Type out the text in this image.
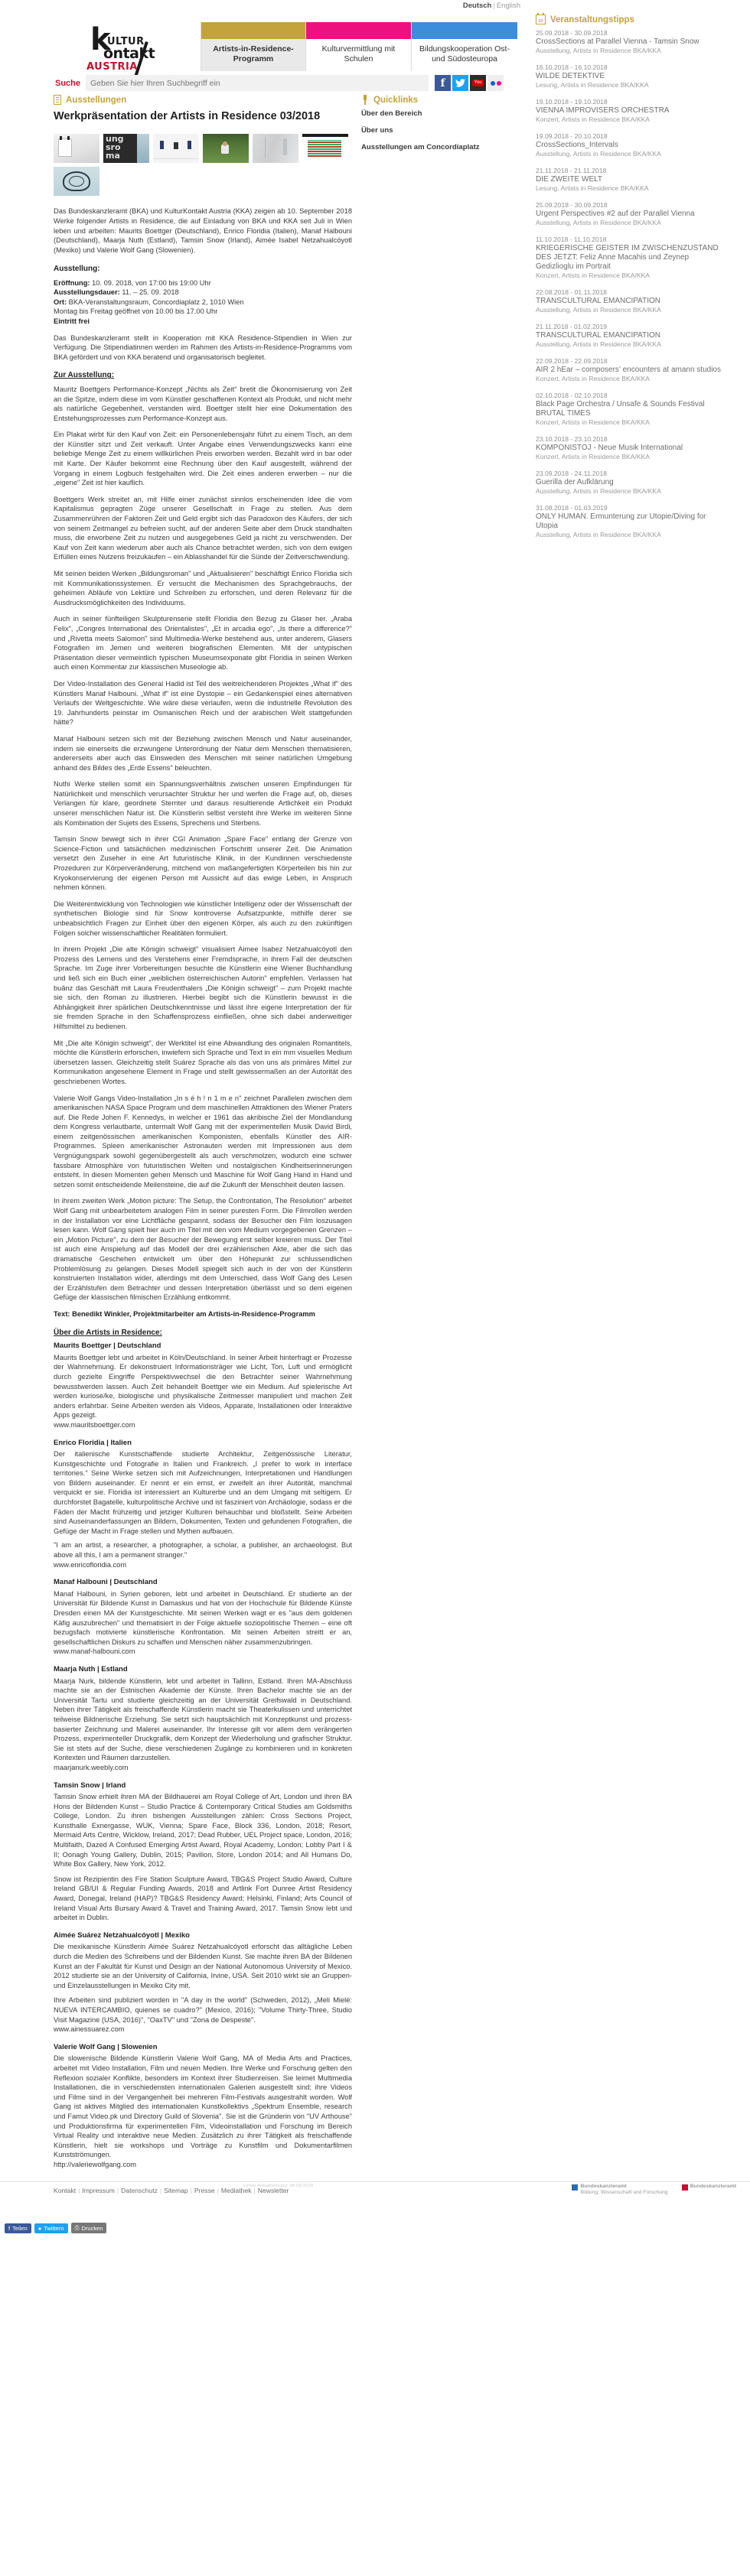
Deutsch | English
k
ULTUR
ontakt
AUSTRIA
Artists-in-Residence-Programm
Kulturvermittlung mit Schulen
Bildungskooperation Ost- und Südosteuropa
Suche
Geben Sie hier Ihren Suchbegriff ein	f	You
Ausstellungen
Werkpräsentation der Artists in Residence 03/2018
ung
sro
ma

Das Bundeskanzleramt (BKA) und KulturKontakt Austria (KKA) zeigen ab 10. September 2018 Werke folgender Artists in Residence, die auf Einladung von BKA und KKA seit Juli in Wien leben und arbeiten: Maurits Boettger (Deutschland), Enrico Floridia (Italien), Manaf Halbouni (Deutschland), Maarja Nuth (Estland), Tamsin Snow (Irland), Aimée Isabel Netzahualcóyotl (Mexiko) und Valerie Wolf Gang (Slowenien).

Ausstellung:
Eröffnung: 10. 09. 2018, von 17:00 bis 19:00 Uhr
Ausstellungsdauer: 11. – 25. 09. 2018
Ort: BKA-Veranstaltungsraum, Concordiaplatz 2, 1010 Wien
Montag bis Freitag geöffnet von 10.00 bis 17.00 Uhr
Eintritt frei

Das Bundeskanzleramt stellt in Kooperation mit KKA Residence-Stipendien in Wien zur Verfügung. Die Stipendiatinnen werden im Rahmen des Artists-in-Residence-Programms vom BKA gefördert und von KKA beratend und organisatorisch begleitet.

Zur Ausstellung:

Mauritz Boettgers Performance-Konzept „Nichts als Zeit" bretit die Ökonomisierung von Zeit an die Spitze, indem diese im vom Künstler geschaffenen Kontext als Produkt, und nicht mehr als natürliche Gegebenheit, verstanden wird. Boettger stellt hier eine Dokumentation des Entstehungsprozesses zum Performance-Konzept aus.

Ein Plakat wirbt für den Kauf von Zeit: ein Personenlebensjahr führt zu einem Tisch, an dem der Künstler sitzt und Zeit verkauft. Unter Angabe eines Verwendungszwecks kann eine beliebige Menge Zeit zu einem willkürlichen Preis erworben werden. Bezahlt wird in bar oder mit Karte. Der Käufer bekommt eine Rechnung über den Kauf ausgestellt, während der Vorgang in einem Logbuch festgehalten wird. Die Zeit eines anderen erwerben – nur die „eigene" Zeit ist hier kauflich.

Boettgers Werk streitet an, mit Hilfe einer zunächst sinnlos erscheinenden Idee die vom Kapitalismus gepragten Züge unserer Gesellschaft in Frage zu stellen. Aus dem Zusammenrühren der Faktoren Zeit und Geld ergibt sich das Paradoxon des Käufers, der sich von seinem Zeitmangel zu befreien sucht, auf der anderen Seite aber dem Druck standhalten muss, die erworbene Zeit zu nutzen und ausgegebenes Geld ja nicht zu verschwenden. Der Kauf von Zeit kann wiederum aber auch als Chance betrachtet werden, sich von dem ewigen Erfüllen eines Nutzens freizukaufen – ein Ablasshandel für die Sünde der Zeitverschwendung.

Mit seinen beiden Werken „Bildungsroman" und „Aktualisieren" beschäftigt Enrico Floridia sich mit Kommunikationssystemen. Er versucht die Mechanismen des Sprachgebrauchs, der geheimen Abläufe von Lektüre und Schreiben zu erforschen, und deren Relevanz für die Ausdrucksmöglichkeiten des Individuums.

Auch in seiner fünfteiligen Skulpturenserie stellt Floridia den Bezug zu Glaser her. „Araba Felix", „Congres International des Orientalistes", „Et in arcadia ego", „Is there a difference?" und „Rivetta meets Salomon" sind Multimedia-Werke bestehend aus, unter anderem, Glasers Fotografien im Jemen und weiteren biografischen Elementen. Mit der untypischen Präsentation dieser vermeintlich typischen Museumsexponate gibt Floridia in seinen Werken auch einen Kommentar zur klassischen Museologie ab.

Der Video-Installation des General Hadid ist Teil des weitreichenderen Projektes „What if" des Künstlers Manaf Halbouni. „What if" ist eine Dystopie – ein Gedankenspiel eines alternativen Verlaufs der Weltgeschichte. Wie wäre diese verlaufen, wenn die industrielle Revolution des 19. Jahrhunderts peinstar im Osmanischen Reich und der arabischen Welt stattgefunden hätte?

Manaf Halbouni setzen sich mit der Beziehung zwischen Mensch und Natur auseinander, indem sie einerseits die erzwungene Unterordnung der Natur dem Menschen thematisieren, andererseits aber auch das Einsweden des Menschen mit seiner natürlichen Umgebung anhand des Bildes des „Erde Essens" beleuchten.

Nuthi Werke stellen somit ein Spannungsverhältnis zwischen unseren Empfindungen für Natürlichkeit und menschlich verursachter Struktur her und werfen die Frage auf, ob, dieses Verlangen für klare, geordnete Sternter und daraus resultierende Artlichkeit ein Produkt unserer menschlichen Natur ist. Die Künstlerin selbst versteht ihre Werke im weiteren Sinne als Kombination der Sujets des Essens, Sprechens und Sterbens.

Tamsin Snow bewegt sich in ihrer CGI Animation „Spare Face" entlang der Grenze von Science-Fiction und tatsächlichen medizinischen Fortschritt unserer Zeit. Die Animation versetzt den Zuseher in eine Art futuristische Klinik, in der Kundinnen verschiedenste Prozeduren zur Körperveränderung, mitchend von maßangefertigten Körperteilen bis hin zur Kryokonservierung der eigenen Person mit Aussicht auf das ewige Leben, in Anspruch nehmen können.

Die Weiterentwicklung von Technologien wie künstlicher Intelligenz oder der Wissenschaft der synthetischen Biologie sind für Snow kontroverse Aufsatzpunkte, mithilfe derer sie unbeabsichtlich Fragen zur Einheit über den eigenen Körper, als auch zu den zukünftigen Folgen solcher wissenschaftlicher Realitäten formuliert.

In ihrem Projekt „Die alte Königin schweigt" visualisiert Aimee Isabez Netzahualcóyotl den Prozess des Lernens und des Verstehens einer Fremdsprache, in ihrem Fall der deutschen Sprache. Im Zuge ihrer Vorbereitungen besuchte die Künstlerin eine Wiener Buchhandlung und ließ sich ein Buch einer „weiblichen österreichischen Autorin" empfehlen. Verlassen hat buânz das Geschäft mit Laura Freudenthalers „Die Königin schweigt" – zum Projekt machte sie sich, den Roman zu illustrieren. Hierbei begibt sich die Künstlerin bewusst in die Abhängigkeit ihrer spärlichen Deutschkenntnisse und lässt ihre eigene Interpretation der für sie fremden Sprache in den Schaffensprozess einfließen, ohne sich dabei anderweitiger Hilfsmittel zu bedienen.

Mit „Die alte Königin schweigt", der Werktitel ist eine Abwandlung des originalen Romantitels, möchte die Künstlerin erforschen, inwiefern sich Sprache und Text in ein mm visuelles Medium übersetzen lassen. Gleichzeitig stellt Suárez Sprache als das von uns als primäres Mittel zur Kommunikation angesehene Element in Frage und stellt gewissermaßen an der Autorität des geschriebenen Wortes.

Valerie Wolf Gangs Video-Installation „In s é h ! n 1 m e n" zeichnet Parallelen zwischen dem amerikanischen NASA Space Program und dem maschinellen Attraktionen des Wiener Praters auf. Die Rede Johen F. Kennedys, in welcher er 1961 das akribische Ziel der Mondlandung dem Kongress verlautbarte, untermalt Wolf Gang mit der experimentellen Musik David Birdi, einem zeitgenössischen amerikanischen Komponisten, ebenfalls Künstler des AIR-Programmes. Spleen amerikanischer Astronauten werden mit Impressionen aus dem Vergnügungspark sowohl gegenübergestellt als auch verschmolzen, wodurch eine schwer fassbare Atmosphäre von futuristischen Welten und nostalgischen Kindheitserinnerungen entsteht. In diesen Momenten gehen Mensch und Maschine für Wolf Gang Hand in Hand und setzen somit entscheidende Meilensteine, die auf die Zukunft der Menschheit deuten lassen.

In ihrem zweiten Werk „Motion picture: The Setup, the Confrontation, The Resolution" arbeitet Wolf Gang mit unbearbeitetem analogen Film in seiner puresten Form. Die Filmrollen werden in der Installation vor eine Lichtfläche gespannt, sodass der Besucher den Film loszusagen lesen kann. Wolf Gang spielt hier auch im Titel mit den vom Medium vorgegebenen Grenzen – ein „Motion Picture", zu dem der Besucher der Bewegung erst selber kreieren muss. Der Titel ist auch eine Anspielung auf das Modell der drei erzählerischen Akte, aber die sich das dramatische Geschehen entwickelt um über den Höhepunkt zur schlussendlichen Problemlösung zu gelangen. Dieses Modell spiegelt sich auch in der von der Künstlerin konstruierten Installation wider, allerdings mit dem Unterschied, dass Wolf Gang des Lesen der Erzählstufen dem Betrachter und dessen Interpretation überlässt und so dem eigenen Gefüge der klassischen filmischen Erzählung entkommt.

Text: Benedikt Winkler, Projektmitarbeiter am Artists-in-Residence-Programm

Über die Artists in Residence:
Maurits Boettger | Deutschland
Maurits Boettger lebt und arbeitet in Köln/Deutschland. In seiner Arbeit hinterfragt er Prozesse der Wahrnehmung. Er dekonstruiert Informationsträger wie Licht, Ton, Luft und ermöglicht durch gezielte Eingriffe Perspektivwechsel die den Betrachter seiner Wahrnehmung bewusstwerden lassen. Auch Zeit behandelt Boettger wie ein Medium. Auf spielerische Art werden kuriose/ke, biologische und physikalische Zeitmesser manipuliert und machen Zeit anders erfahrbar. Seine Arbeiten werden als Videos, Apparate, Installationen oder Interaktive Apps gezeigt.
www.mauritsboettger.com
Enrico Floridia | Italien
Der italienische Kunstschaffende studierte Architektur, Zeitgenössische Literatur, Kunstgeschichte und Fotografie in Italien und Frankreich. „I prefer to work in interface territories." Seine Werke setzen sich mit Aufzeichnungen, Interpretationen und Handlungen von Bildern auseinander. Er nennt er ein ernst, er zweifelt an ihrer Autorität, manchmal verquickt er sie. Floridia ist interessiert an Kulturerbe und an dem Umgang mit seltigem. Er durchforstet Bagatelle, kulturpolitische Archive und ist fasziniert von Archäologie, sodass er die Fäden der Macht frühzeitig und jetziger Kulturen behauchbar und bloßstellt. Seine Arbeiten sind Auseinanderfassungen an Bildern, Dokumenten, Texten und gefundenen Fotografien, die Gefüge der Macht in Frage stellen und Mythen aufbauen.
"I am an artist, a researcher, a photographer, a scholar, a publisher, an archaeologist. But above all this, I am a permanent stranger."
www.enricofloridia.com
Manaf Halbouni | Deutschland
Manaf Halbouni, in Syrien geboren, lebt und arbeitet in Deutschland. Er studierte an der Universität für Bildende Kunst in Damaskus und hat von der Hochschule für Bildende Künste Dresden einen MA der Kunstgeschichte. Mit seinen Werken wagt er es "aus dem goldenen Käfig auszubrechen" und thematisiert in der Folge aktuelle soziopolitische Themen – eine oft bezugsfach motivierte künstlerische Konfrontation. Mit seinen Arbeiten streitt er an, gesellschaftlichen Diskurs zu schaffen und Menschen näher zusammenzubringen.
www.manaf-halbouni.com
Maarja Nuth | Estland
Maarja Nurk, bildende Künstlerin, lebt und arbeitet in Tallinn, Estland. Ihren MA-Abschluss machte sie an der Estnischen Akademie der Künste. Ihren Bachelor machte sie an der Universität Tartu und studierte gleichzeitig an der Universität Greifswald in Deutschland. Neben ihrer Tätigkeit als freischaffende Künstlerin macht sie Theaterkulissen und unterrichtet teilweise Bildnerische Erziehung. Sie setzt sich hauptsächlich mit Konzeptkunst und prozess-basierter Zeichnung und Malerei auseinander. Ihr Interesse gilt vor allem dem verängerten Prozess, experimenteller Druckgrafik, dem Konzept der Wiederholung und grafischer Struktur. Sie ist stets auf der Suche, diese verschiedenen Zugänge zu kombinieren und in konkreten Kontexten und Räumen darzustellen.
maarjanurk.weebly.com
Tamsin Snow | Irland
Tamsin Snow erhielt ihren MA der Bildhauerei am Royal College of Art, London und ihren BA Hons der Bildenden Kunst – Studio Practice & Contemporary Critical Studies am Goldsmiths College, London. Zu ihren bisherigen Ausstellungen zählen: Cross Sections Project, Kunsthalle Exnergasse, WUK, Vienna; Spare Face, Block 336, London, 2018; Resort, Mermaid Arts Centre, Wicklow, Ireland, 2017; Dead Rubber, UEL Project space, London, 2016; Multifaith, Dazed A Confused Emerging Artist Award, Royal Academy, London; Lobby Part I & II; Oonagh Young Gallery, Dublin, 2015; Pavilion, Store, London 2014; and All Humans Do, White Box Gallery, New York, 2012.
Snow ist Rezipientin des Fire Station Sculpture Award, TBG&S Project Studio Award, Culture Ireland GB/UI & Regular Funding Awards, 2018 and Artlink Fort Dunree Artist Residency Award, Donegal, Ireland (HAP)? TBG&S Residency Award; Helsinki, Finland; Arts Council of Ireland Visual Arts Bursary Award & Travel and Training Award, 2017. Tamsin Snow lebt und arbeitet in Dublin.
Aimée Suárez Netzahualcóyotl | Mexiko
Die mexikanische Künstlerin Aimée Suárez Netzahualcóyotl erforscht das alltägliche Leben durch die Medien des Schreibens und der Bildenden Kunst. Sie machte ihren BA der Bildenen Kunst an der Fakultät für Kunst und Design an der National Autonomous University of Mexico. 2012 studierte sie an der University of California, Irvine, USA. Seit 2010 wirkt sie an Gruppen- und Einzelausstellungen in Mexiko City mit.
Ihre Arbeiten sind publiziert worden in "A day in the world" (Schweden, 2012), „Meli Mielé: NUEVA INTERCAMBIO, quienes se cuadro?" (Mexico, 2016); "Volume Thirty-Three, Studio Visit Magazine (USA, 2016)", "OaxTV" und "Zona de Despeste".
www.ainessuarez.com
Valerie Wolf Gang | Slowenien
Die slowenische Bildende Künstlerin Valerie Wolf Gang, MA of Media Arts and Practices, arbeitet mit Video Installation, Film und neuen Medien. Ihre Werke und Forschung gelten den Reflexion sozialer Konflikte, besonders im Kontext ihrer Studienreisen. Sie leimet Multimedia Installationen, die in verschiedensten internationalen Galerien ausgestellt sind; ihre Videos und Filme sind in der Vergangenheit bei mehreren Film-Festivals ausgestrahlt worden. Wolf Gang ist aktives Mitglied des internationalen Kunstkollektivs „Spektrum Ensemble, research und Famut Video.pk und Directory Guild of Slovenia". Sie ist die Gründerin von "UV Arthouse" und Produktionsfirma für experimentellen Film, Videoinstallation und Forschung im Bereich Virtual Reality und interaktive neue Medien. Zusätzlich zu ihrer Tätigkeit als freischaffende Künstlerin, hielt sie workshops und Vorträge zu Kunstfilm und Dokumentarfilmen Kunstströmungen.
http://valeriewolfgang.com
Quicklinks
Über den Bereich
Über uns
Ausstellungen am Concordiaplatz
23 Veranstaltungstipps
25.09.2018 - 30.09.2018
CrossSections at Parallel Vienna - Tamsin Snow
Ausstellung, Artists in Residence BKA/KKA
16.10.2018 - 16.10.2018
WILDE DETEKTIVE
Lesung, Artists in Residence BKA/KKA
19.10.2018 - 19.10.2018
VIENNA IMPROVISERS ORCHESTRA
Konzert, Artists in Residence BKA/KKA
19.09.2018 - 20.10.2018
CrossSections_Intervals
Ausstellung, Artists in Residence BKA/KKA
21.11.2018 - 21.11.2018
DIE ZWEITE WELT
Lesung, Artists in Residence BKA/KKA
25.09.2018 - 30.09.2018
Urgent Perspectives #2 auf der Parallel Vienna
Ausstellung, Artists in Residence BKA/KKA
11.10.2018 - 11.10.2018
KRIEGERISCHE GEISTER IM ZWISCHENZUSTAND DES JETZT: Feliz Anne Macahis und Zeynep Gedizlioglu im Portrait
Konzert, Artists in Residence BKA/KKA
22.08.2018 - 01.11.2018
TRANSCULTURAL EMANCIPATION
Ausstellung, Artists in Residence BKA/KKA
21.11.2018 - 01.02.2019
TRANSCULTURAL EMANCIPATION
Ausstellung, Artists in Residence BKA/KKA
22.09.2018 - 22.09.2018
AIR 2 hEar – composers’ encounters at amann studios
Konzert, Artists in Residence BKA/KKA
02.10.2018 - 02.10.2018
Black Page Orchestra / Unsafe & Sounds Festival BRUTAL TIMES
Konzert, Artists in Residence BKA/KKA
23.10.2018 - 23.10.2018
KOMPONISTOJ - Neue Musik International
Konzert, Artists in Residence BKA/KKA
23.09.2018 - 24.11.2018
Guerilla der Aufklärung
Ausstellung, Artists in Residence BKA/KKA
31.08.2018 - 01.03.2019
ONLY HUMAN. Ermunterung zur Utopie/Diving for Utopia
Ausstellung, Artists in Residence BKA/KKA
Kontakt | Impressum | Datenschutz | Sitemap | Presse | Mediathek | Newsletter
Letzte Aktualisierung: 06.09.2018	Bundeskanzleramt
Bildung, Wissenschaft und Forschung
Bundeskanzleramt
f Teilen ● Twittern ⎙ Drucken
